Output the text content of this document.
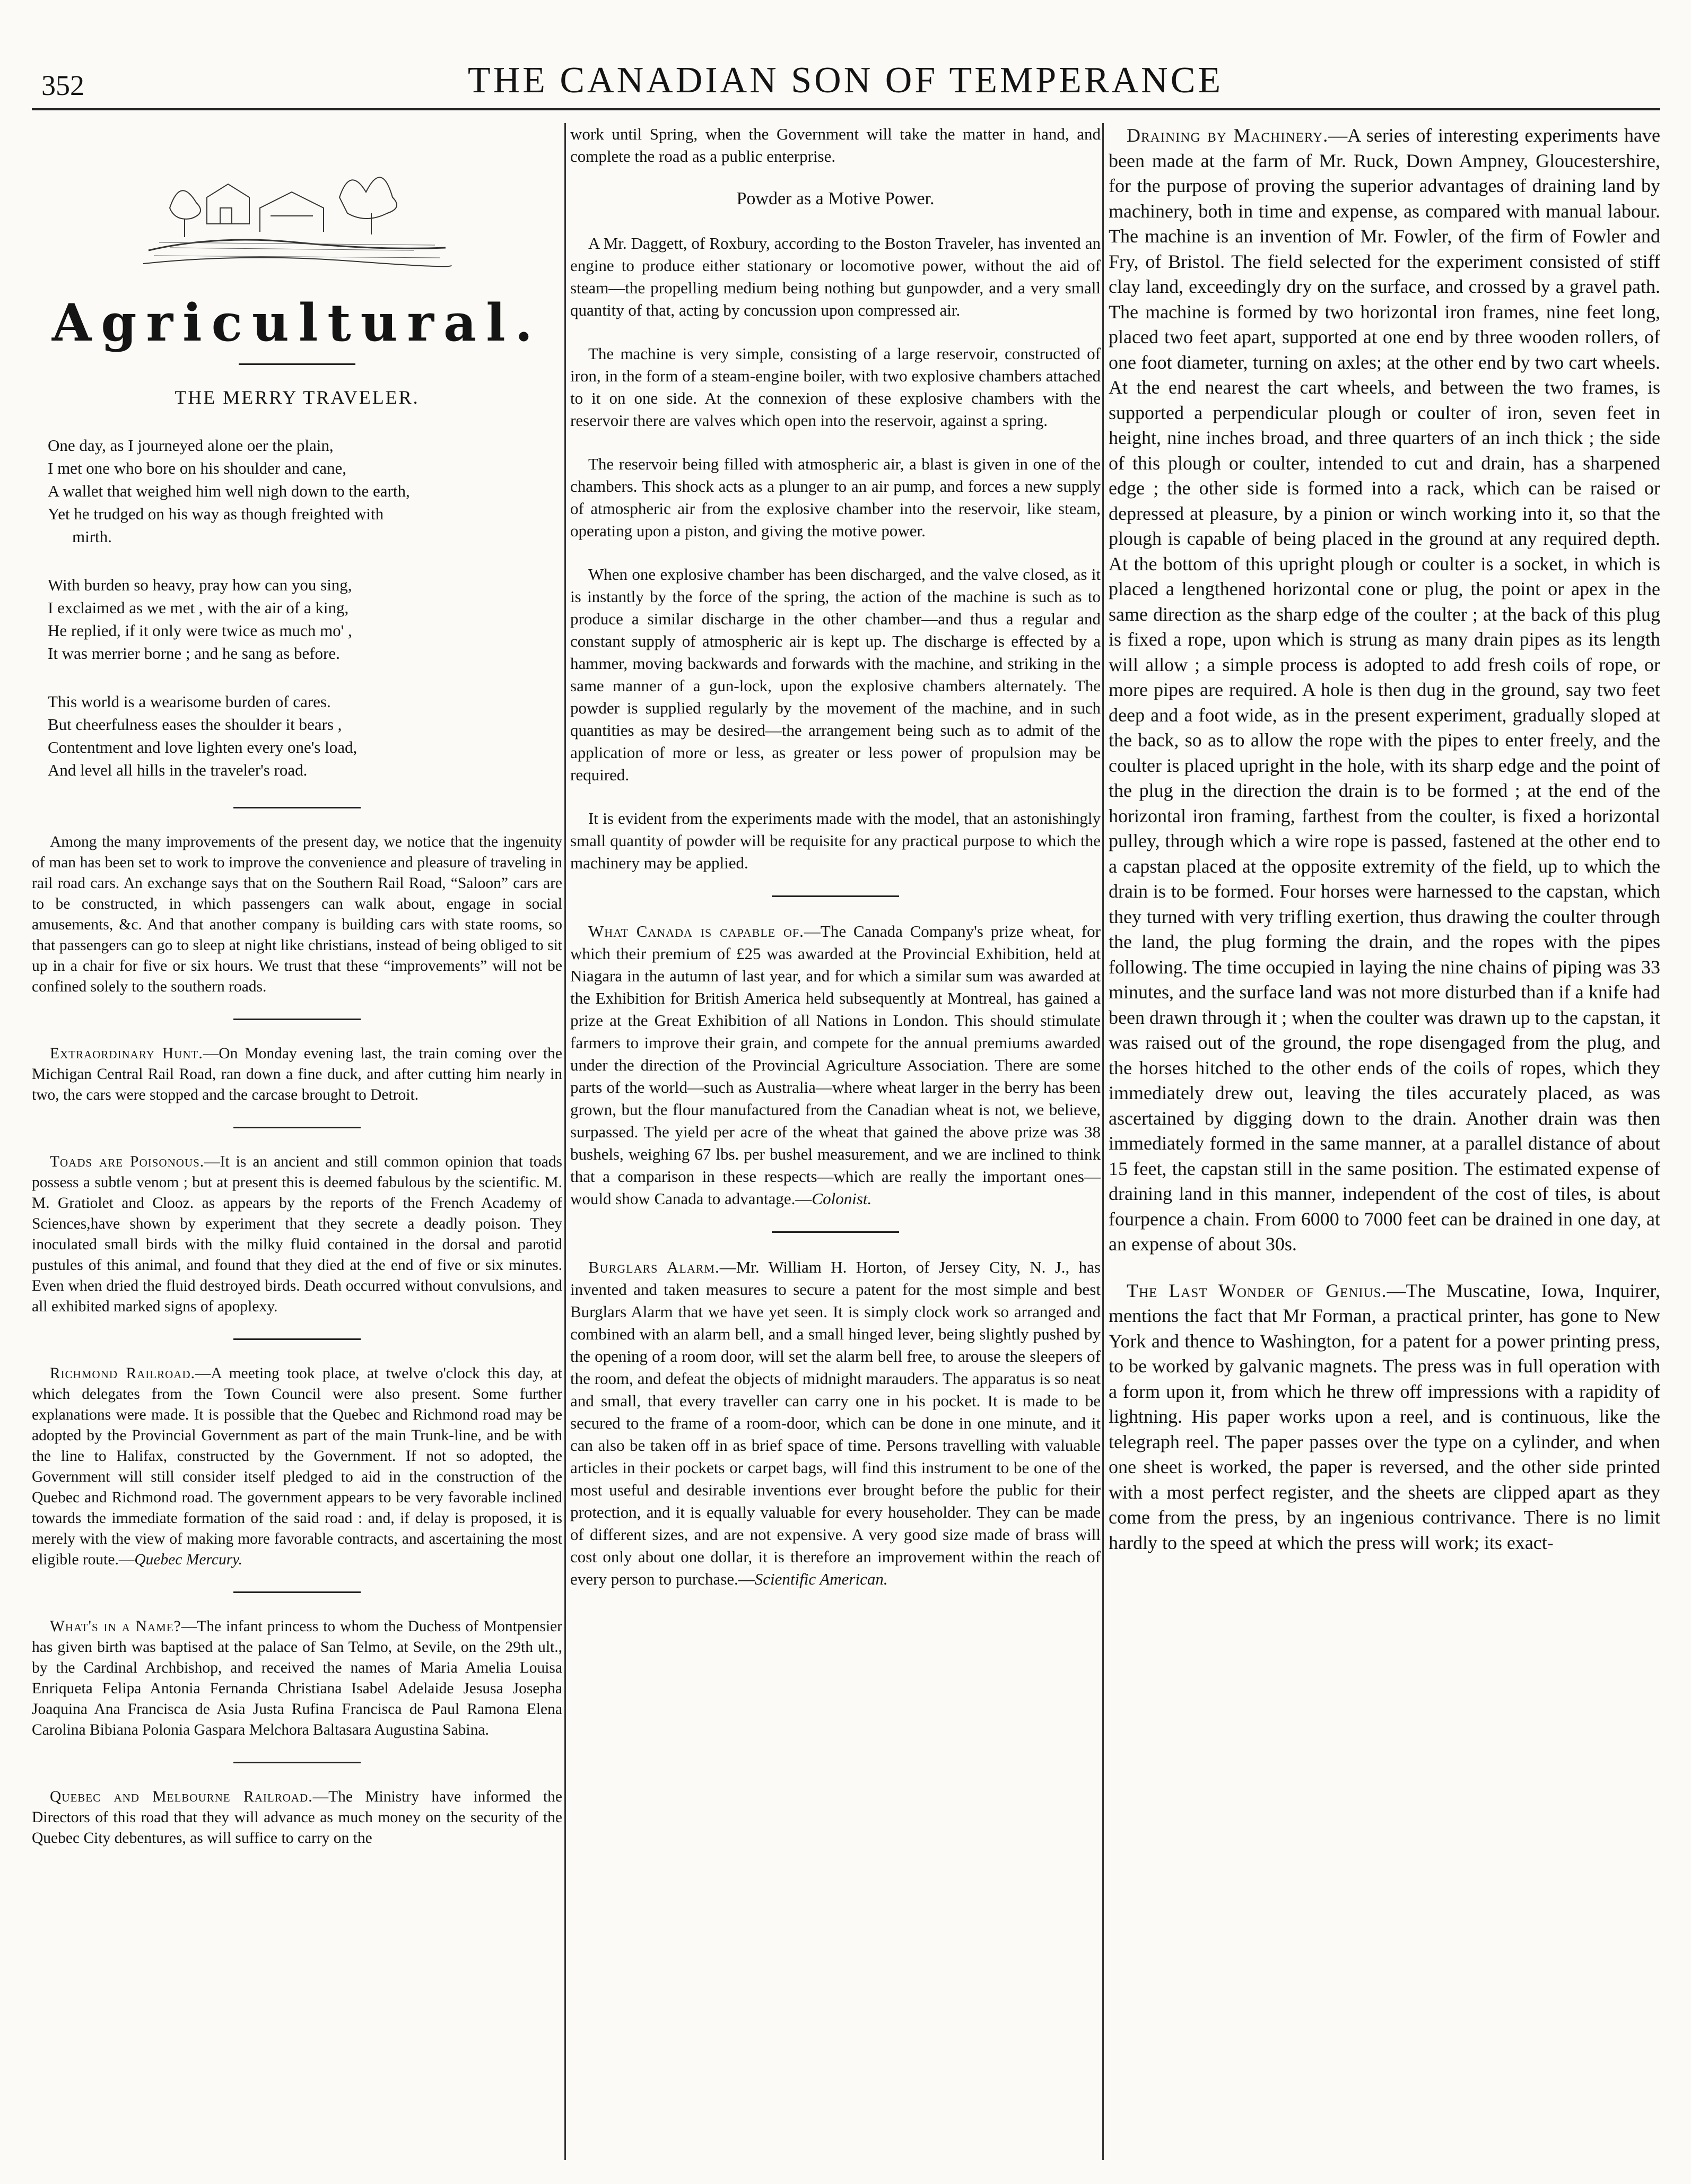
352	THE CANADIAN SON OF TEMPERANCE
Agricultural.
THE MERRY TRAVELER.
One day, as I journeyed alone oer the plain,
I met one who bore on his shoulder and cane,
A wallet that weighed him well nigh down to the earth,
Yet he trudged on his way as though freighted with
mirth.
With burden so heavy, pray how can you sing,
I exclaimed as we met , with the air of a king,
He replied, if it only were twice as much mo' ,
It was merrier borne ; and he sang as before.
This world is a wearisome burden of cares.
But cheerfulness eases the shoulder it bears ,
Contentment and love lighten every one's load,
And level all hills in the traveler's road.

Among the many improvements of the present day, we notice that the ingenuity of man has been set to work to improve the convenience and pleasure of traveling in rail road cars. An exchange says that on the Southern Rail Road, “Saloon” cars are to be constructed, in which passengers can walk about, engage in social amusements, &c. And that another company is building cars with state rooms, so that passengers can go to sleep at night like christians, instead of being obliged to sit up in a chair for five or six hours. We trust that these “improvements” will not be confined solely to the southern roads.

Extraordinary Hunt.—On Monday evening last, the train coming over the Michigan Central Rail Road, ran down a fine duck, and after cutting him nearly in two, the cars were stopped and the carcase brought to Detroit.

Toads are Poisonous.—It is an ancient and still common opinion that toads possess a subtle venom ; but at present this is deemed fabulous by the scientific. M. M. Gratiolet and Clooz. as appears by the reports of the French Academy of Sciences,have shown by experiment that they secrete a deadly poison. They inoculated small birds with the milky fluid contained in the dorsal and parotid pustules of this animal, and found that they died at the end of five or six minutes. Even when dried the fluid destroyed birds. Death occurred without convulsions, and all exhibited marked signs of apoplexy.

Richmond Railroad.—A meeting took place, at twelve o'clock this day, at which delegates from the Town Council were also present. Some further explanations were made. It is possible that the Quebec and Richmond road may be adopted by the Provincial Government as part of the main Trunk-line, and be with the line to Halifax, constructed by the Government. If not so adopted, the Government will still consider itself pledged to aid in the construction of the Quebec and Richmond road. The government appears to be very favorable inclined towards the immediate formation of the said road : and, if delay is proposed, it is merely with the view of making more favorable contracts, and ascertaining the most eligible route.—Quebec Mercury.

What's in a Name?—The infant princess to whom the Duchess of Montpensier has given birth was baptised at the palace of San Telmo, at Sevile, on the 29th ult., by the Cardinal Archbishop, and received the names of Maria Amelia Louisa Enriqueta Felipa Antonia Fernanda Christiana Isabel Adelaide Jesusa Josepha Joaquina Ana Francisca de Asia Justa Rufina Francisca de Paul Ramona Elena Carolina Bibiana Polonia Gaspara Melchora Baltasara Augustina Sabina.

Quebec and Melbourne Railroad.—The Ministry have informed the Directors of this road that they will advance as much money on the security of the Quebec City debentures, as will suffice to carry on the

work until Spring, when the Government will take the matter in hand, and complete the road as a public enterprise.

Powder as a Motive Power.

A Mr. Daggett, of Roxbury, according to the Boston Traveler, has invented an engine to produce either stationary or locomotive power, without the aid of steam—the propelling medium being nothing but gunpowder, and a very small quantity of that, acting by concussion upon compressed air.

The machine is very simple, consisting of a large reservoir, constructed of iron, in the form of a steam-engine boiler, with two explosive chambers attached to it on one side. At the connexion of these explosive chambers with the reservoir there are valves which open into the reservoir, against a spring.

The reservoir being filled with atmospheric air, a blast is given in one of the chambers. This shock acts as a plunger to an air pump, and forces a new supply of atmospheric air from the explosive chamber into the reservoir, like steam, operating upon a piston, and giving the motive power.

When one explosive chamber has been discharged, and the valve closed, as it is instantly by the force of the spring, the action of the machine is such as to produce a similar discharge in the other chamber—and thus a regular and constant supply of atmospheric air is kept up. The discharge is effected by a hammer, moving backwards and forwards with the machine, and striking in the same manner of a gun-lock, upon the explosive chambers alternately. The powder is supplied regularly by the movement of the machine, and in such quantities as may be desired—the arrangement being such as to admit of the application of more or less, as greater or less power of propulsion may be required.

It is evident from the experiments made with the model, that an astonishingly small quantity of powder will be requisite for any practical purpose to which the machinery may be applied.

What Canada is capable of.—The Canada Company's prize wheat, for which their premium of £25 was awarded at the Provincial Exhibition, held at Niagara in the autumn of last year, and for which a similar sum was awarded at the Exhibition for British America held subsequently at Montreal, has gained a prize at the Great Exhibition of all Nations in London. This should stimulate farmers to improve their grain, and compete for the annual premiums awarded under the direction of the Provincial Agriculture Association. There are some parts of the world—such as Australia—where wheat larger in the berry has been grown, but the flour manufactured from the Canadian wheat is not, we believe, surpassed. The yield per acre of the wheat that gained the above prize was 38 bushels, weighing 67 lbs. per bushel measurement, and we are inclined to think that a comparison in these respects—which are really the important ones—would show Canada to advantage.—Colonist.

Burglars Alarm.—Mr. William H. Horton, of Jersey City, N. J., has invented and taken measures to secure a patent for the most simple and best Burglars Alarm that we have yet seen. It is simply clock work so arranged and combined with an alarm bell, and a small hinged lever, being slightly pushed by the opening of a room door, will set the alarm bell free, to arouse the sleepers of the room, and defeat the objects of midnight marauders. The apparatus is so neat and small, that every traveller can carry one in his pocket. It is made to be secured to the frame of a room-door, which can be done in one minute, and it can also be taken off in as brief space of time. Persons travelling with valuable articles in their pockets or carpet bags, will find this instrument to be one of the most useful and desirable inventions ever brought before the public for their protection, and it is equally valuable for every householder. They can be made of different sizes, and are not expensive. A very good size made of brass will cost only about one dollar, it is therefore an improvement within the reach of every person to purchase.—Scientific American.

Draining by Machinery.—A series of interesting experiments have been made at the farm of Mr. Ruck, Down Ampney, Gloucestershire, for the purpose of proving the superior advantages of draining land by machinery, both in time and expense, as compared with manual labour. The machine is an invention of Mr. Fowler, of the firm of Fowler and Fry, of Bristol. The field selected for the experiment consisted of stiff clay land, exceedingly dry on the surface, and crossed by a gravel path. The machine is formed by two horizontal iron frames, nine feet long, placed two feet apart, supported at one end by three wooden rollers, of one foot diameter, turning on axles; at the other end by two cart wheels. At the end nearest the cart wheels, and between the two frames, is supported a perpendicular plough or coulter of iron, seven feet in height, nine inches broad, and three quarters of an inch thick ; the side of this plough or coulter, intended to cut and drain, has a sharpened edge ; the other side is formed into a rack, which can be raised or depressed at pleasure, by a pinion or winch working into it, so that the plough is capable of being placed in the ground at any required depth. At the bottom of this upright plough or coulter is a socket, in which is placed a lengthened horizontal cone or plug, the point or apex in the same direction as the sharp edge of the coulter ; at the back of this plug is fixed a rope, upon which is strung as many drain pipes as its length will allow ; a simple process is adopted to add fresh coils of rope, or more pipes are required. A hole is then dug in the ground, say two feet deep and a foot wide, as in the present experiment, gradually sloped at the back, so as to allow the rope with the pipes to enter freely, and the coulter is placed upright in the hole, with its sharp edge and the point of the plug in the direction the drain is to be formed ; at the end of the horizontal iron framing, farthest from the coulter, is fixed a horizontal pulley, through which a wire rope is passed, fastened at the other end to a capstan placed at the opposite extremity of the field, up to which the drain is to be formed. Four horses were harnessed to the capstan, which they turned with very trifling exertion, thus drawing the coulter through the land, the plug forming the drain, and the ropes with the pipes following. The time occupied in laying the nine chains of piping was 33 minutes, and the surface land was not more disturbed than if a knife had been drawn through it ; when the coulter was drawn up to the capstan, it was raised out of the ground, the rope disengaged from the plug, and the horses hitched to the other ends of the coils of ropes, which they immediately drew out, leaving the tiles accurately placed, as was ascertained by digging down to the drain. Another drain was then immediately formed in the same manner, at a parallel distance of about 15 feet, the capstan still in the same position. The estimated expense of draining land in this manner, independent of the cost of tiles, is about fourpence a chain. From 6000 to 7000 feet can be drained in one day, at an expense of about 30s.

The Last Wonder of Genius.—The Muscatine, Iowa, Inquirer, mentions the fact that Mr Forman, a practical printer, has gone to New York and thence to Washington, for a patent for a power printing press, to be worked by galvanic magnets. The press was in full operation with a form upon it, from which he threw off impressions with a rapidity of lightning. His paper works upon a reel, and is continuous, like the telegraph reel. The paper passes over the type on a cylinder, and when one sheet is worked, the paper is reversed, and the other side printed with a most perfect register, and the sheets are clipped apart as they come from the press, by an ingenious contrivance. There is no limit hardly to the speed at which the press will work; its exact-
